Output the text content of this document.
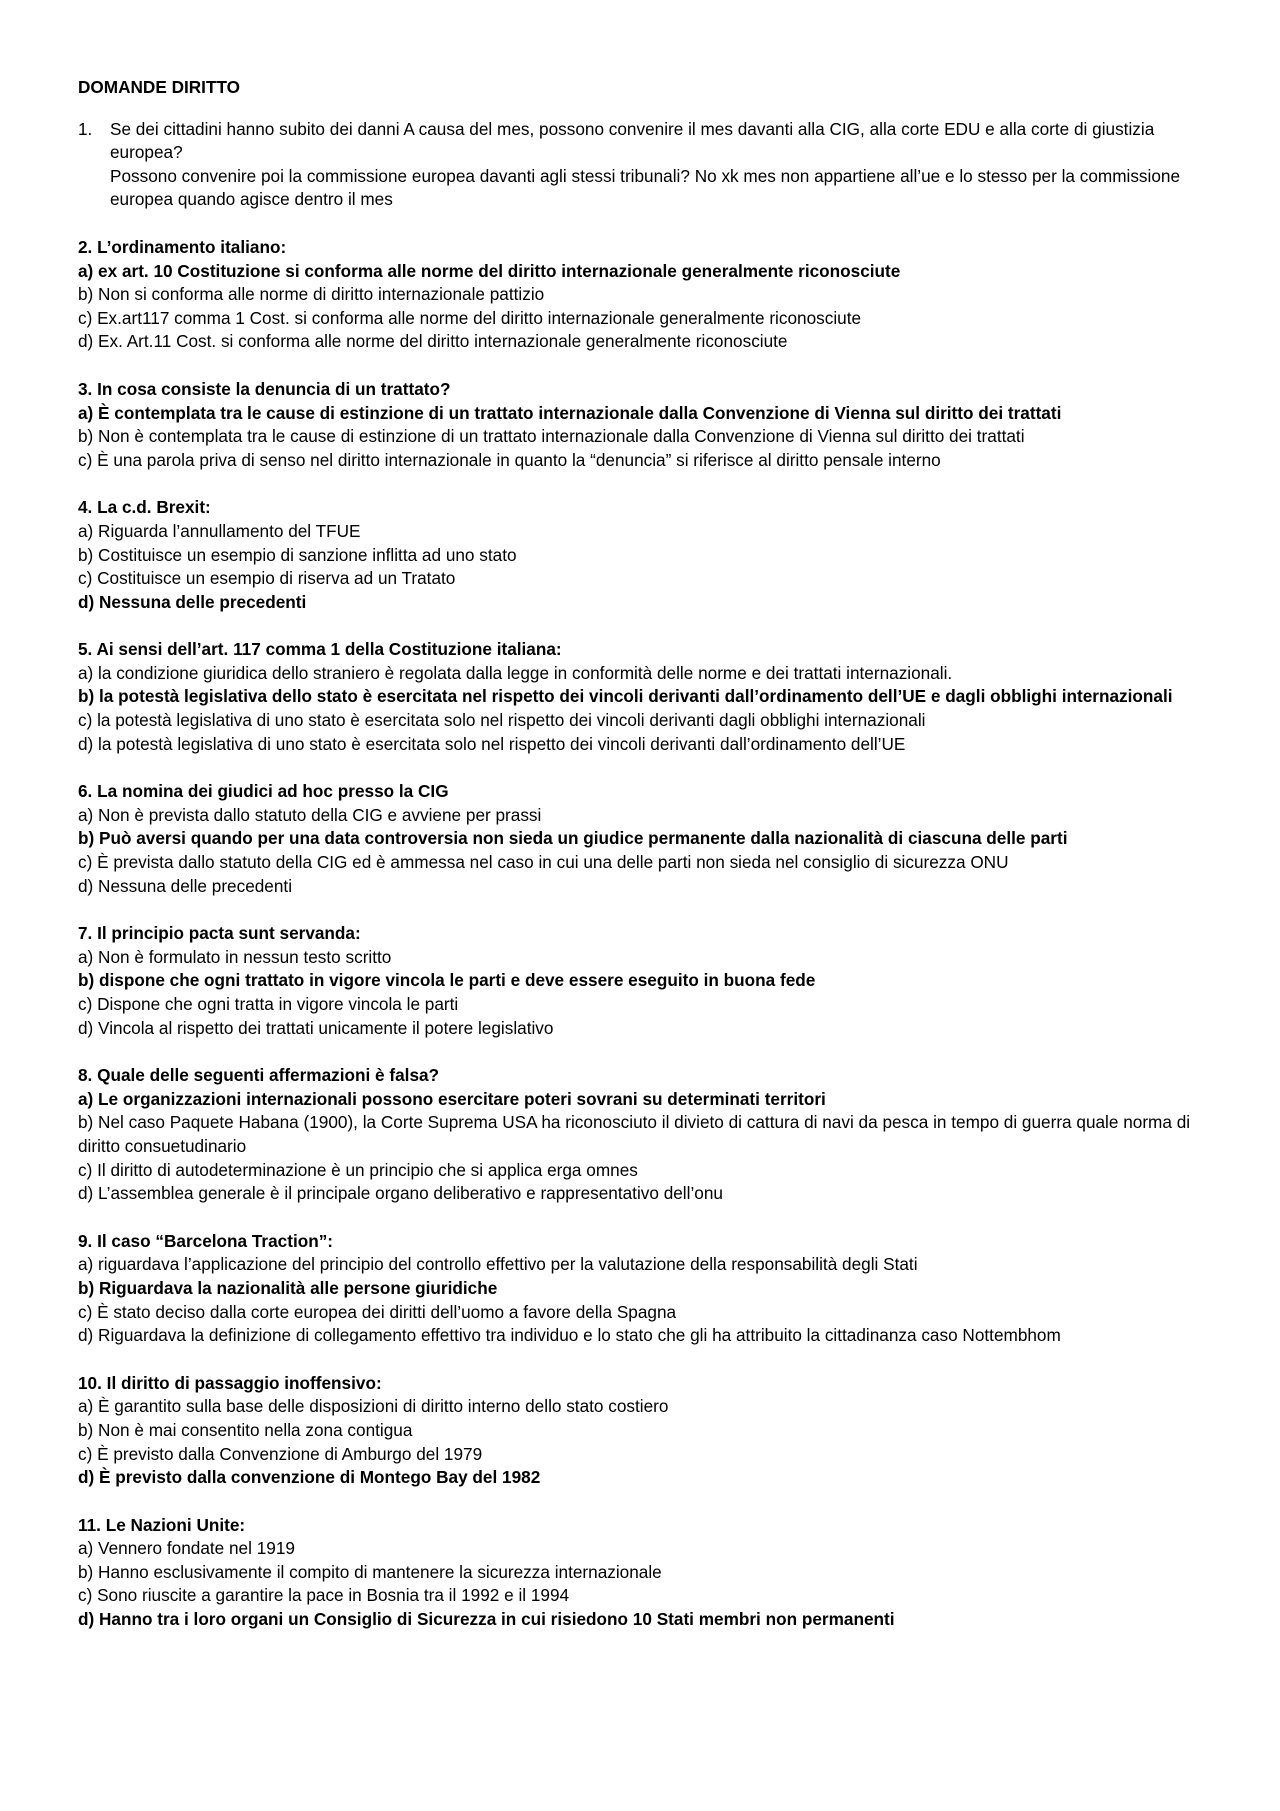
DOMANDE DIRITTO
1.	Se dei cittadini hanno subito dei danni A causa del mes, possono convenire il mes davanti alla CIG, alla corte EDU e alla corte di giustizia europea?

Possono convenire poi la commissione europea davanti agli stessi tribunali? No xk mes non appartiene all’ue e lo stesso per la commissione europea quando agisce dentro il mes

2. L’ordinamento italiano:

a) ex art. 10 Costituzione si conforma alle norme del diritto internazionale generalmente riconosciute

b) Non si conforma alle norme di diritto internazionale pattizio

c) Ex.art117 comma 1 Cost. si conforma alle norme del diritto internazionale generalmente riconosciute

d) Ex. Art.11 Cost. si conforma alle norme del diritto internazionale generalmente riconosciute

3. In cosa consiste la denuncia di un trattato?

a) È contemplata tra le cause di estinzione di un trattato internazionale dalla Convenzione di Vienna sul diritto dei trattati

b) Non è contemplata tra le cause di estinzione di un trattato internazionale dalla Convenzione di Vienna sul diritto dei trattati

c) È una parola priva di senso nel diritto internazionale in quanto la “denuncia” si riferisce al diritto pensale interno

4. La c.d. Brexit:

a) Riguarda l’annullamento del TFUE

b) Costituisce un esempio di sanzione inflitta ad uno stato

c) Costituisce un esempio di riserva ad un Tratato

d) Nessuna delle precedenti

5. Ai sensi dell’art. 117 comma 1 della Costituzione italiana:

a) la condizione giuridica dello straniero è regolata dalla legge in conformità delle norme e dei trattati internazionali.

b) la potestà legislativa dello stato è esercitata nel rispetto dei vincoli derivanti dall’ordinamento dell’UE e dagli obblighi internazionali

c) la potestà legislativa di uno stato è esercitata solo nel rispetto dei vincoli derivanti dagli obblighi internazionali

d) la potestà legislativa di uno stato è esercitata solo nel rispetto dei vincoli derivanti dall’ordinamento dell’UE

6. La nomina dei giudici ad hoc presso la CIG

a) Non è prevista dallo statuto della CIG e avviene per prassi

b) Può aversi quando per una data controversia non sieda un giudice permanente dalla nazionalità di ciascuna delle parti

c) È prevista dallo statuto della CIG ed è ammessa nel caso in cui una delle parti non sieda nel consiglio di sicurezza ONU

d) Nessuna delle precedenti

7. Il principio pacta sunt servanda:

a) Non è formulato in nessun testo scritto

b) dispone che ogni trattato in vigore vincola le parti e deve essere eseguito in buona fede

c) Dispone che ogni tratta in vigore vincola le parti

d) Vincola al rispetto dei trattati unicamente il potere legislativo

8. Quale delle seguenti affermazioni è falsa?

a) Le organizzazioni internazionali possono esercitare poteri sovrani su determinati territori

b) Nel caso Paquete Habana (1900), la Corte Suprema USA ha riconosciuto il divieto di cattura di navi da pesca in tempo di guerra quale norma di diritto consuetudinario

c) Il diritto di autodeterminazione è un principio che si applica erga omnes

d) L’assemblea generale è il principale organo deliberativo e rappresentativo dell’onu

9. Il caso “Barcelona Traction”:

a) riguardava l’applicazione del principio del controllo effettivo per la valutazione della responsabilità degli Stati

b) Riguardava la nazionalità alle persone giuridiche

c) È stato deciso dalla corte europea dei diritti dell’uomo a favore della Spagna

d) Riguardava la definizione di collegamento effettivo tra individuo e lo stato che gli ha attribuito la cittadinanza caso Nottembhom

10. Il diritto di passaggio inoffensivo:

a) È garantito sulla base delle disposizioni di diritto interno dello stato costiero

b) Non è mai consentito nella zona contigua

c) È previsto dalla Convenzione di Amburgo del 1979

d) È previsto dalla convenzione di Montego Bay del 1982

11. Le Nazioni Unite:

a) Vennero fondate nel 1919

b) Hanno esclusivamente il compito di mantenere la sicurezza internazionale

c) Sono riuscite a garantire la pace in Bosnia tra il 1992 e il 1994

d) Hanno tra i loro organi un Consiglio di Sicurezza in cui risiedono 10 Stati membri non permanenti
